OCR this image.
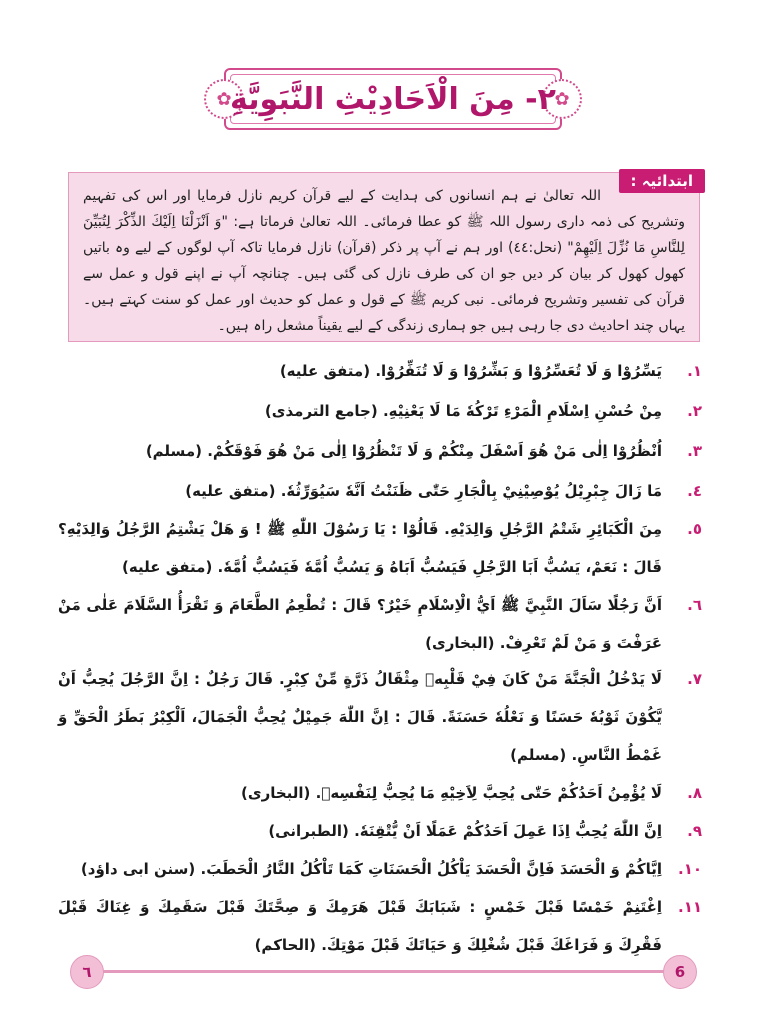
✿	✿
٢- مِنَ الْاَحَادِيْثِ النَّبَوِيَّةِ
ابتدائیہ :
اللہ تعالیٰ نے ہم انسانوں کی ہدایت کے لیے قرآن کریم نازل فرمایا اور اس کی تفہیم وتشریح کی ذمہ داری رسول اللہ ﷺ کو عطا فرمائی۔ اللہ تعالیٰ فرماتا ہے: "وَ اَنْزَلْنَا اِلَيْكَ الذِّكْرَ لِتُبَيِّنَ لِلنَّاسِ مَا نُزِّلَ اِلَيْهِمْ" (نحل:٤٤) اور ہم نے آپ پر ذکر (قرآن) نازل فرمایا تاکہ آپ لوگوں کے لیے وہ باتیں کھول کھول کر بیان کر دیں جو ان کی طرف نازل کی گئی ہیں۔ چنانچہ آپ نے اپنے قول و عمل سے قرآن کی تفسیر وتشریح فرمائی۔ نبی کریم ﷺ کے قول و عمل کو حدیث اور عمل کو سنت کہتے ہیں۔ یہاں چند احادیث دی جا رہی ہیں جو ہماری زندگی کے لیے یقیناً مشعل راہ ہیں۔
١.
يَسِّرُوْا وَ لَا تُعَسِّرُوْا وَ بَشِّرُوْا وَ لَا تُنَفِّرُوْا. (متفق عليه)
٢.
مِنْ حُسْنِ اِسْلَامِ الْمَرْءِ تَرْكُهٗ مَا لَا يَعْنِيْهِ. (جامع الترمذی)
٣.
اُنْظُرُوْا اِلٰى مَنْ هُوَ اَسْفَلَ مِنْكُمْ وَ لَا تَنْظُرُوْا اِلٰى مَنْ هُوَ فَوْقَكُمْ. (مسلم)
٤.
مَا زَالَ جِبْرِيْلُ يُوْصِيْنِيْ بِالْجَارِ حَتّٰى ظَنَنْتُ اَنَّهٗ سَيُوَرِّثُهٗ. (متفق عليه)
٥.
مِنَ الْكَبَائِرِ شَتْمُ الرَّجُلِ وَالِدَيْهِ. قَالُوْا : يَا رَسُوْلَ اللّٰهِ ﷺ ! وَ هَلْ يَشْتِمُ الرَّجُلُ وَالِدَيْهِ؟ قَالَ : نَعَمْ، يَسُبُّ اَبَا الرَّجُلِ فَيَسُبُّ اَبَاهُ وَ يَسُبُّ اُمَّهٗ فَيَسُبُّ اُمَّهٗ. (متفق عليه)
٦.
اَنَّ رَجُلًا سَاَلَ النَّبِيَّ ﷺ اَيُّ الْاِسْلَامِ خَيْرٌ؟ قَالَ : تُطْعِمُ الطَّعَامَ وَ تَقْرَأُ السَّلَامَ عَلٰى مَنْ عَرَفْتَ وَ مَنْ لَمْ تَعْرِفْ. (البخاری)
٧.
لَا يَدْخُلُ الْجَنَّةَ مَنْ كَانَ فِيْ قَلْبِهٖ مِثْقَالُ ذَرَّةٍ مِّنْ كِبْرٍ. قَالَ رَجُلٌ : اِنَّ الرَّجُلَ يُحِبُّ اَنْ يَّكُوْنَ ثَوْبُهٗ حَسَنًا وَ نَعْلُهٗ حَسَنَةً. قَالَ : اِنَّ اللّٰهَ جَمِيْلٌ يُحِبُّ الْجَمَالَ، اَلْكِبْرُ بَطَرُ الْحَقِّ وَ غَمْطُ النَّاسِ. (مسلم)
٨.
لَا يُؤْمِنُ اَحَدُكُمْ حَتّٰى يُحِبَّ لِاَخِيْهِ مَا يُحِبُّ لِنَفْسِهٖ. (البخاری)
٩.
اِنَّ اللّٰهَ يُحِبُّ اِذَا عَمِلَ اَحَدُكُمْ عَمَلًا اَنْ يُّتْقِنَهٗ. (الطبرانی)
١٠.
اِيَّاكُمْ وَ الْحَسَدَ فَاِنَّ الْحَسَدَ يَاْكُلُ الْحَسَنَاتِ كَمَا تَاْكُلُ النَّارُ الْحَطَبَ. (سنن ابی داؤد)
١١.
اِغْتَنِمْ خَمْسًا قَبْلَ خَمْسٍ : شَبَابَكَ قَبْلَ هَرَمِكَ وَ صِحَّتَكَ قَبْلَ سَقَمِكَ وَ غِنَاكَ قَبْلَ فَقْرِكَ وَ فَرَاغَكَ قَبْلَ شُغْلِكَ وَ حَيَاتَكَ قَبْلَ مَوْتِكَ. (الحاكم)
٦	6
